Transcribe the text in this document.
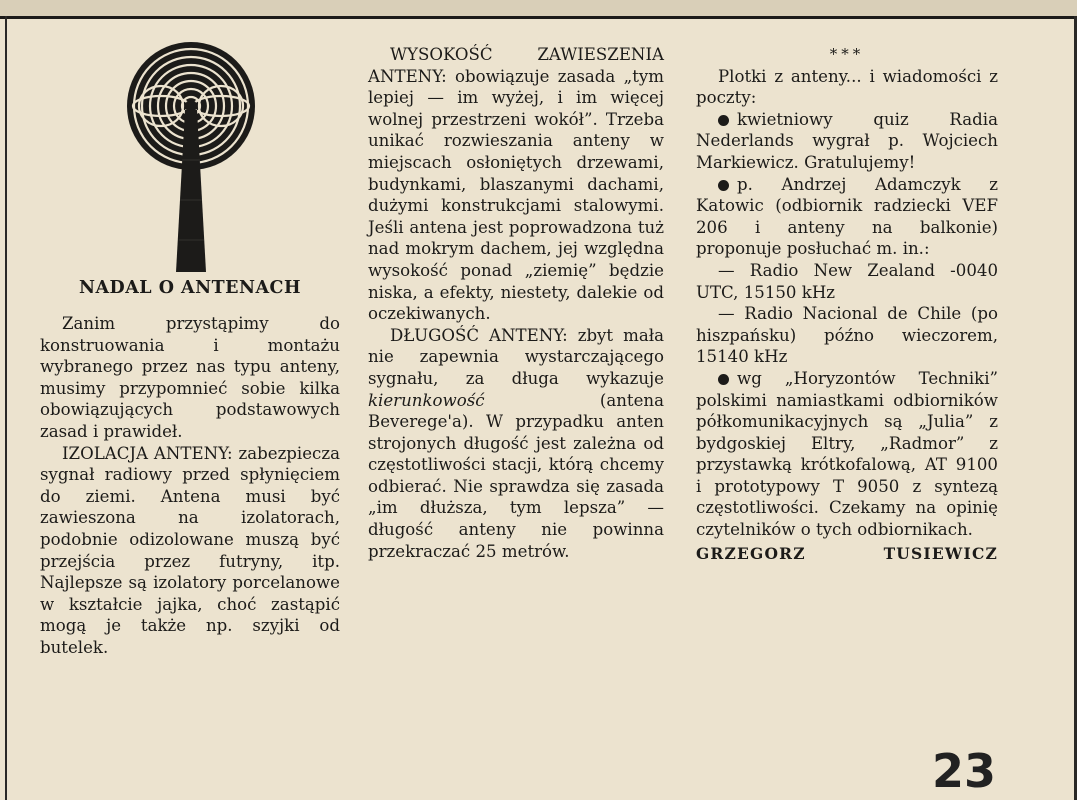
NADAL O ANTENACH

Zanim przystąpimy do konstruowania i montażu wybranego przez nas typu anteny, musimy przypomnieć sobie kilka obowiązujących podstawowych zasad i prawideł.

IZOLACJA ANTENY: zabezpiecza sygnał radiowy przed spłynięciem do ziemi. Antena musi być zawieszona na izolatorach, podobnie odizolowane muszą być przejścia przez futryny, itp. Najlepsze są izolatory porcelanowe w kształcie jajka, choć zastąpić mogą je także np. szyjki od butelek.

WYSOKOŚĆ ZAWIESZENIA ANTENY: obowiązuje zasada „tym lepiej — im wyżej, i im więcej wolnej przestrzeni wokół”. Trzeba unikać rozwieszania anteny w miejscach osłoniętych drzewami, budynkami, blaszanymi dachami, dużymi konstrukcjami stalowymi. Jeśli antena jest poprowadzona tuż nad mokrym dachem, jej względna wysokość ponad „ziemię” będzie niska, a efekty, niestety, dalekie od oczekiwanych.

DŁUGOŚĆ ANTENY: zbyt mała nie zapewnia wystarczającego sygnału, za długa wykazuje kierunkowość (antena Beverege'a). W przypadku anten strojonych długość jest zależna od częstotliwości stacji, którą chcemy odbierać. Nie sprawdza się zasada „im dłuższa, tym lepsza” — długość anteny nie powinna przekraczać 25 metrów.

***

Plotki z anteny... i wiadomości z poczty:

kwietniowy quiz Radia Nederlands wygrał p. Wojciech Markiewicz. Gratulujemy!

p. Andrzej Adamczyk z Katowic (odbiornik radziecki VEF 206 i anteny na balkonie) proponuje posłuchać m. in.:

— Radio New Zealand -0040 UTC, 15150 kHz

— Radio Nacional de Chile (po hiszpańsku) późno wieczorem, 15140 kHz

wg „Horyzontów Techniki” polskimi namiastkami odbiorników półkomunikacyjnych są „Julia” z bydgoskiej Eltry, „Radmor” z przystawką krótkofalową, AT 9100 i prototypowy T 9050 z syntezą częstotliwości. Czekamy na opinię czytelników o tych odbiornikach.

GRZEGORZ	TUSIEWICZ
23
